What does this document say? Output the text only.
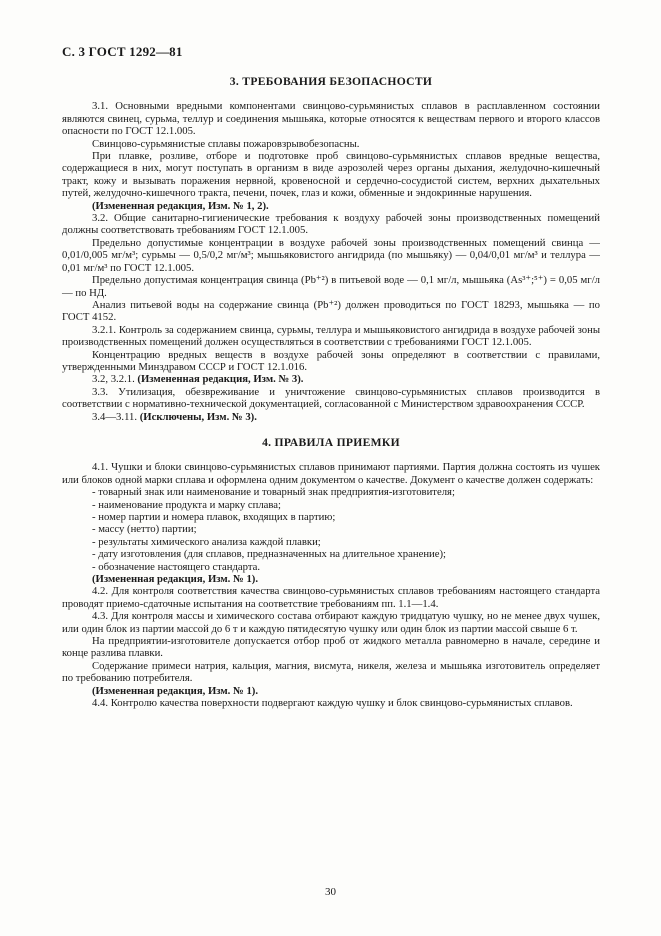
С. 3 ГОСТ 1292—81
3. ТРЕБОВАНИЯ БЕЗОПАСНОСТИ

3.1. Основными вредными компонентами свинцово-сурьмянистых сплавов в расплавленном состоянии являются свинец, сурьма, теллур и соединения мышьяка, которые относятся к веществам первого и второго классов опасности по ГОСТ 12.1.005.

Свинцово-сурьмянистые сплавы пожаровзрывобезопасны.

При плавке, розливе, отборе и подготовке проб свинцово-сурьмянистых сплавов вредные вещества, содержащиеся в них, могут поступать в организм в виде аэрозолей через органы дыхания, желудочно-кишечный тракт, кожу и вызывать поражения нервной, кровеносной и сердечно-сосудистой систем, верхних дыхательных путей, желудочно-кишечного тракта, печени, почек, глаз и кожи, обменные и эндокринные нарушения.

(Измененная редакция, Изм. № 1, 2).

3.2. Общие санитарно-гигиенические требования к воздуху рабочей зоны производственных помещений должны соответствовать требованиям ГОСТ 12.1.005.

Предельно допустимые концентрации в воздухе рабочей зоны производственных помещений свинца — 0,01/0,005 мг/м³; сурьмы — 0,5/0,2 мг/м³; мышьяковистого ангидрида (по мышьяку) — 0,04/0,01 мг/м³ и теллура — 0,01 мг/м³ по ГОСТ 12.1.005.

Предельно допустимая концентрация свинца (Pb⁺²) в питьевой воде — 0,1 мг/л, мышьяка (As³⁺;⁵⁺) = 0,05 мг/л — по НД.

Анализ питьевой воды на содержание свинца (Pb⁺²) должен проводиться по ГОСТ 18293, мышьяка — по ГОСТ 4152.

3.2.1. Контроль за содержанием свинца, сурьмы, теллура и мышьяковистого ангидрида в воздухе рабочей зоны производственных помещений должен осуществляться в соответствии с требованиями ГОСТ 12.1.005.

Концентрацию вредных веществ в воздухе рабочей зоны определяют в соответствии с правилами, утвержденными Минздравом СССР и ГОСТ 12.1.016.

3.2, 3.2.1. (Измененная редакция, Изм. № 3).

3.3. Утилизация, обезвреживание и уничтожение свинцово-сурьмянистых сплавов производится в соответствии с нормативно-технической документацией, согласованной с Министерством здравоохранения СССР.

3.4—3.11. (Исключены, Изм. № 3).

4. ПРАВИЛА ПРИЕМКИ

4.1. Чушки и блоки свинцово-сурьмянистых сплавов принимают партиями. Партия должна состоять из чушек или блоков одной марки сплава и оформлена одним документом о качестве. Документ о качестве должен содержать:

- товарный знак или наименование и товарный знак предприятия-изготовителя;
- наименование продукта и марку сплава;
- номер партии и номера плавок, входящих в партию;
- массу (нетто) партии;
- результаты химического анализа каждой плавки;
- дату изготовления (для сплавов, предназначенных на длительное хранение);
- обозначение настоящего стандарта.

(Измененная редакция, Изм. № 1).

4.2. Для контроля соответствия качества свинцово-сурьмянистых сплавов требованиям настоящего стандарта проводят приемо-сдаточные испытания на соответствие требованиям пп. 1.1—1.4.

4.3. Для контроля массы и химического состава отбирают каждую тридцатую чушку, но не менее двух чушек, или один блок из партии массой до 6 т и каждую пятидесятую чушку или один блок из партии массой свыше 6 т.

На предприятии-изготовителе допускается отбор проб от жидкого металла равномерно в начале, середине и конце разлива плавки.

Содержание примеси натрия, кальция, магния, висмута, никеля, железа и мышьяка изготовитель определяет по требованию потребителя.

(Измененная редакция, Изм. № 1).

4.4. Контролю качества поверхности подвергают каждую чушку и блок свинцово-сурьмянистых сплавов.

30
